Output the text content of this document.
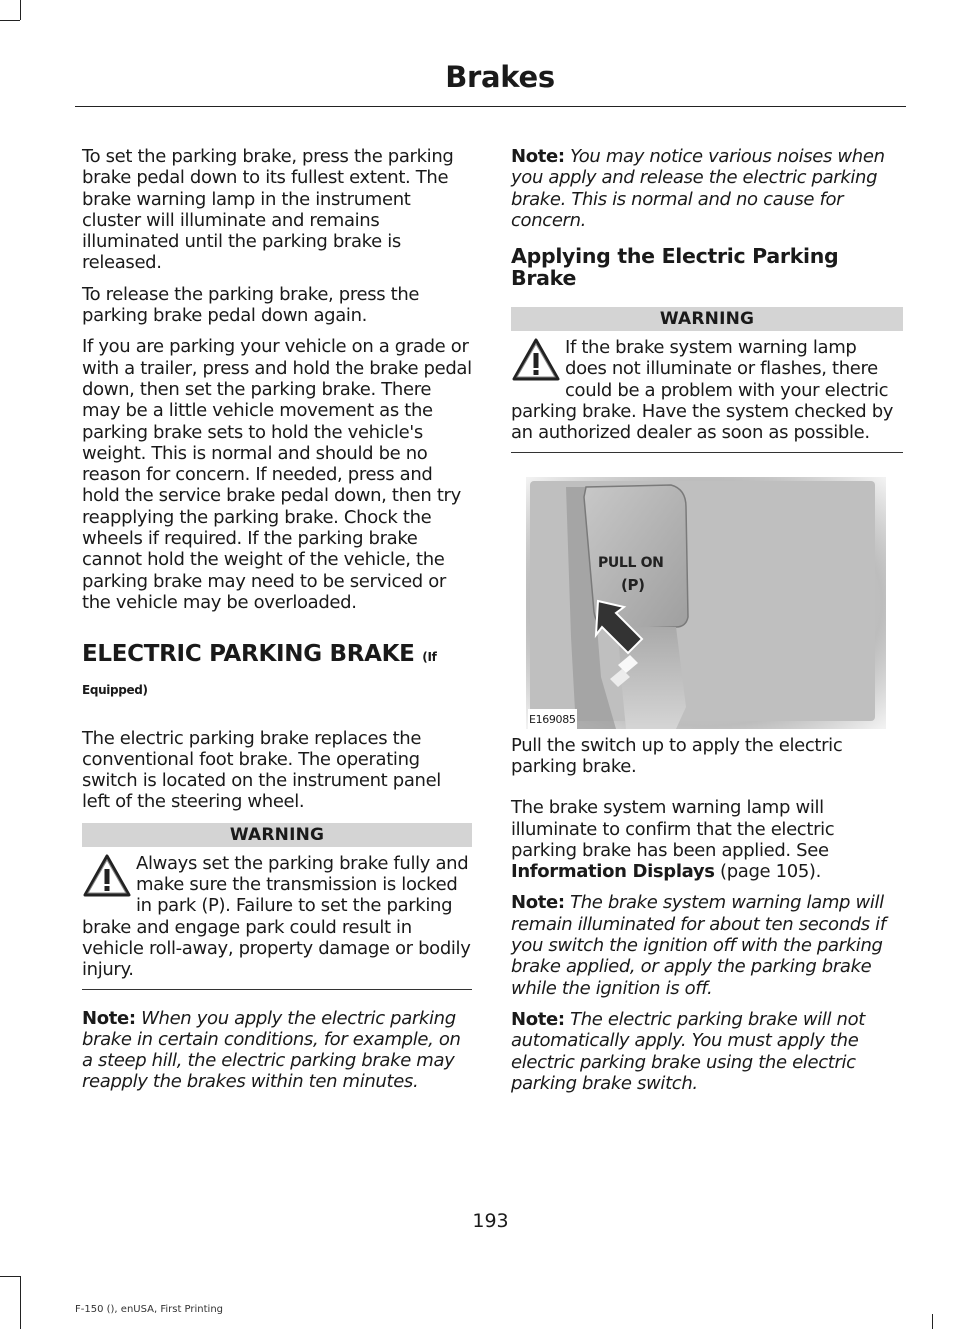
Brakes

To set the parking brake, press the parking brake pedal down to its fullest extent. The brake warning lamp in the instrument cluster will illuminate and remains illuminated until the parking brake is released.

To release the parking brake, press the parking brake pedal down again.

If you are parking your vehicle on a grade or with a trailer, press and hold the brake pedal down, then set the parking brake. There may be a little vehicle movement as the parking brake sets to hold the vehicle's weight. This is normal and should be no reason for concern. If needed, press and hold the service brake pedal down, then try reapplying the parking brake. Chock the wheels if required. If the parking brake cannot hold the weight of the vehicle, the parking brake may need to be serviced or the vehicle may be overloaded.

ELECTRIC PARKING BRAKE (If
Equipped)

The electric parking brake replaces the conventional foot brake. The operating switch is located on the instrument panel left of the steering wheel.

WARNING
Always set the parking brake fully and make sure the transmission is locked in park (P). Failure to set the parking brake and engage park could result in vehicle roll-away, property damage or bodily injury.

Note: When you apply the electric parking brake in certain conditions, for example, on a steep hill, the electric parking brake may reapply the brakes within ten minutes.

Note: You may notice various noises when you apply and release the electric parking brake. This is normal and no cause for concern.

Applying the Electric Parking Brake
WARNING
If the brake system warning lamp does not illuminate or flashes, there could be a problem with your electric parking brake. Have the system checked by an authorized dealer as soon as possible.
PULL ON
(P)
E169085

Pull the switch up to apply the electric parking brake.

The brake system warning lamp will illuminate to confirm that the electric parking brake has been applied. See Information Displays (page 105).

Note: The brake system warning lamp will remain illuminated for about ten seconds if you switch the ignition off with the parking brake applied, or apply the parking brake while the ignition is off.

Note: The electric parking brake will not automatically apply. You must apply the electric parking brake using the electric parking brake switch.

193
F-150 (), enUSA, First Printing
